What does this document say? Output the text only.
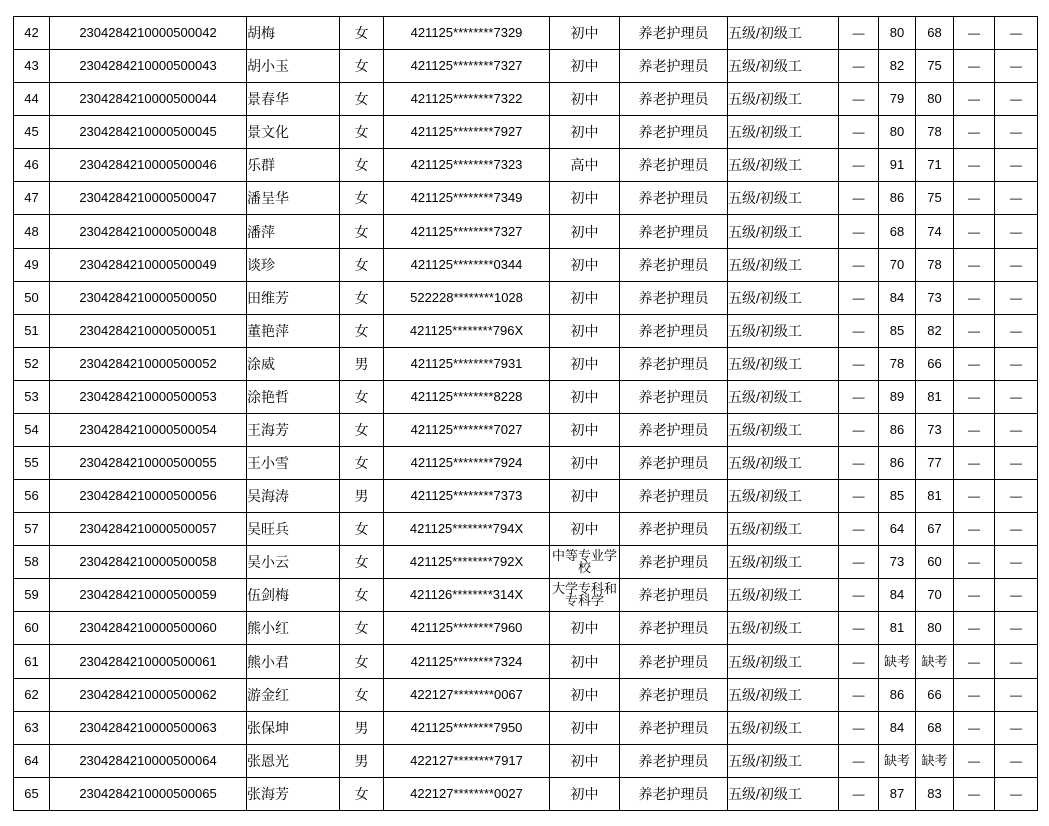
42	2304284210000500042	胡梅	女	421125********7329	初中	养老护理员	五级/初级工	—	80	68	—	—
43	2304284210000500043	胡小玉	女	421125********7327	初中	养老护理员	五级/初级工	—	82	75	—	—
44	2304284210000500044	景春华	女	421125********7322	初中	养老护理员	五级/初级工	—	79	80	—	—
45	2304284210000500045	景文化	女	421125********7927	初中	养老护理员	五级/初级工	—	80	78	—	—
46	2304284210000500046	乐群	女	421125********7323	高中	养老护理员	五级/初级工	—	91	71	—	—
47	2304284210000500047	潘呈华	女	421125********7349	初中	养老护理员	五级/初级工	—	86	75	—	—
48	2304284210000500048	潘萍	女	421125********7327	初中	养老护理员	五级/初级工	—	68	74	—	—
49	2304284210000500049	谈珍	女	421125********0344	初中	养老护理员	五级/初级工	—	70	78	—	—
50	2304284210000500050	田维芳	女	522228********1028	初中	养老护理员	五级/初级工	—	84	73	—	—
51	2304284210000500051	董艳萍	女	421125********796X	初中	养老护理员	五级/初级工	—	85	82	—	—
52	2304284210000500052	涂威	男	421125********7931	初中	养老护理员	五级/初级工	—	78	66	—	—
53	2304284210000500053	涂艳哲	女	421125********8228	初中	养老护理员	五级/初级工	—	89	81	—	—
54	2304284210000500054	王海芳	女	421125********7027	初中	养老护理员	五级/初级工	—	86	73	—	—
55	2304284210000500055	王小雪	女	421125********7924	初中	养老护理员	五级/初级工	—	86	77	—	—
56	2304284210000500056	吴海涛	男	421125********7373	初中	养老护理员	五级/初级工	—	85	81	—	—
57	2304284210000500057	吴旺兵	女	421125********794X	初中	养老护理员	五级/初级工	—	64	67	—	—
58	2304284210000500058	吴小云	女	421125********792X	中等专业学校	养老护理员	五级/初级工	—	73	60	—	—
59	2304284210000500059	伍剑梅	女	421126********314X	大学专科和专科学	养老护理员	五级/初级工	—	84	70	—	—
60	2304284210000500060	熊小红	女	421125********7960	初中	养老护理员	五级/初级工	—	81	80	—	—
61	2304284210000500061	熊小君	女	421125********7324	初中	养老护理员	五级/初级工	—	缺考	缺考	—	—
62	2304284210000500062	游金红	女	422127********0067	初中	养老护理员	五级/初级工	—	86	66	—	—
63	2304284210000500063	张保坤	男	421125********7950	初中	养老护理员	五级/初级工	—	84	68	—	—
64	2304284210000500064	张恩光	男	422127********7917	初中	养老护理员	五级/初级工	—	缺考	缺考	—	—
65	2304284210000500065	张海芳	女	422127********0027	初中	养老护理员	五级/初级工	—	87	83	—	—
